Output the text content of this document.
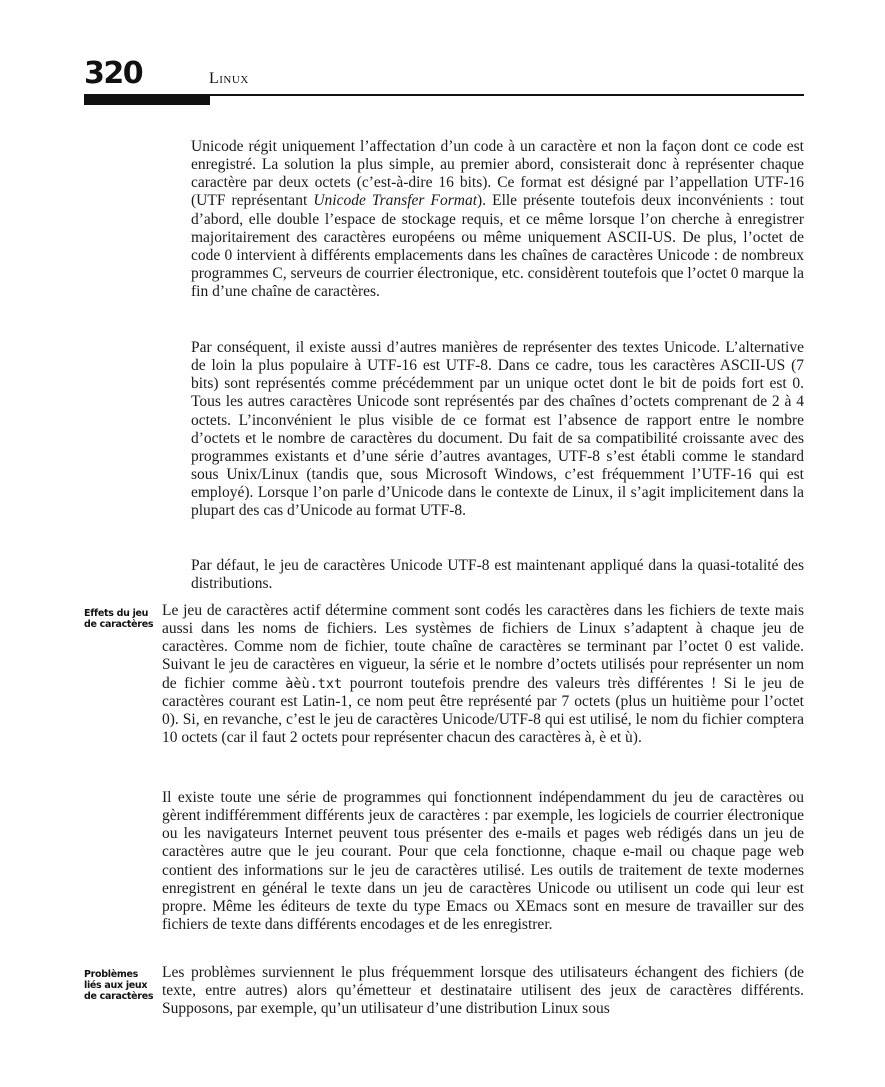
320	Linux

Unicode régit uniquement l’affectation d’un code à un caractère et non la façon dont ce code est enregistré. La solution la plus simple, au premier abord, consisterait donc à représenter chaque caractère par deux octets (c’est-à-dire 16 bits). Ce format est désigné par l’appellation UTF-16 (UTF représentant Unicode Transfer Format). Elle présente toutefois deux inconvénients : tout d’abord, elle double l’espace de stockage requis, et ce même lorsque l’on cherche à enregistrer majoritairement des caractères européens ou même uniquement ASCII-US. De plus, l’octet de code 0 intervient à différents emplacements dans les chaînes de caractères Unicode : de nombreux programmes C, serveurs de courrier électronique, etc. considèrent toutefois que l’octet 0 marque la fin d’une chaîne de caractères.

Par conséquent, il existe aussi d’autres manières de représenter des textes Unicode. L’alternative de loin la plus populaire à UTF-16 est UTF-8. Dans ce cadre, tous les caractères ASCII-US (7 bits) sont représentés comme précédemment par un unique octet dont le bit de poids fort est 0. Tous les autres caractères Unicode sont représentés par des chaînes d’octets comprenant de 2 à 4 octets. L’inconvénient le plus visible de ce format est l’absence de rapport entre le nombre d’octets et le nombre de caractères du document. Du fait de sa compatibilité croissante avec des programmes existants et d’une série d’autres avantages, UTF-8 s’est établi comme le standard sous Unix/Linux (tandis que, sous Microsoft Windows, c’est fréquemment l’UTF-16 qui est employé). Lorsque l’on parle d’Unicode dans le contexte de Linux, il s’agit implicitement dans la plupart des cas d’Unicode au format UTF-8.

Par défaut, le jeu de caractères Unicode UTF-8 est maintenant appliqué dans la quasi-totalité des distributions.

Effets du jeu de caractères

Le jeu de caractères actif détermine comment sont codés les caractères dans les fichiers de texte mais aussi dans les noms de fichiers. Les systèmes de fichiers de Linux s’adaptent à chaque jeu de caractères. Comme nom de fichier, toute chaîne de caractères se terminant par l’octet 0 est valide. Suivant le jeu de caractères en vigueur, la série et le nombre d’octets utilisés pour représenter un nom de fichier comme àèù.txt pourront toutefois prendre des valeurs très différentes ! Si le jeu de caractères courant est Latin-1, ce nom peut être représenté par 7 octets (plus un huitième pour l’octet 0). Si, en revanche, c’est le jeu de caractères Unicode/UTF-8 qui est utilisé, le nom du fichier comptera 10 octets (car il faut 2 octets pour représenter chacun des caractères à, è et ù).

Il existe toute une série de programmes qui fonctionnent indépendamment du jeu de caractères ou gèrent indifféremment différents jeux de caractères : par exemple, les logiciels de courrier électronique ou les navigateurs Internet peuvent tous présenter des e-mails et pages web rédigés dans un jeu de caractères autre que le jeu courant. Pour que cela fonctionne, chaque e-mail ou chaque page web contient des informations sur le jeu de caractères utilisé. Les outils de traitement de texte modernes enregistrent en général le texte dans un jeu de caractères Unicode ou utilisent un code qui leur est propre. Même les éditeurs de texte du type Emacs ou XEmacs sont en mesure de travailler sur des fichiers de texte dans différents encodages et de les enregistrer.

Problèmes liés aux jeux de caractères

Les problèmes surviennent le plus fréquemment lorsque des utilisateurs échangent des fichiers (de texte, entre autres) alors qu’émetteur et destinataire utilisent des jeux de caractères différents. Supposons, par exemple, qu’un utilisateur d’une distribution Linux sous
